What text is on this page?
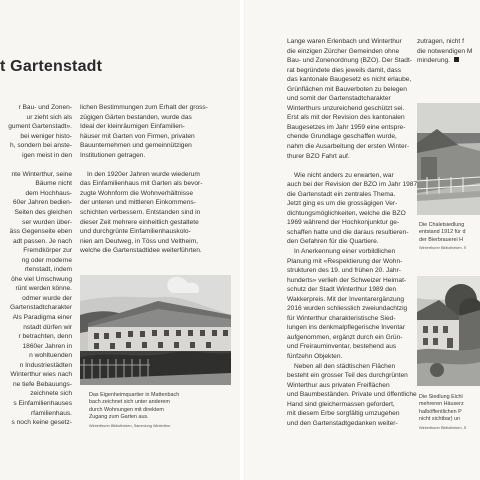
t Gartenstadt

r Bau- und Zonen-
ur zieht sich als
gument Gartenstadt».
bei weniger histo-
h, sondern bei anste-
igen meist in den

nte Winterthur, seine
Bäume nicht
dem Hochhaus-
60er Jahren bedien-
Seiten des gleichen
ser wurden über-
äss Gegenseite eben
adt passen. Je nach
Fremdkörper zur
ng oder moderne
rtenstadt, indem
öhe viel Umschwung
rünt werden könne.
odmer wurde der
Gartenstadtcharakter
Als Paradigma einer
nstadt dürfen wir
r betrachten, denn
1860er Jahren in
n wohltuenden
n Industriestädten
Winterthur wies nach
ne tiefe Bebauungs-
zeichnete sich
s Einfamilienhauses
rfamilienhaus.
s noch keine gesetz-

lichen Bestimmungen zum Erhalt der gross-
zügigen Gärten bestanden, wurde das
Ideal der kleinräumigen Einfamilien-
häuser mit Garten von Firmen, privaten
Bauunternehmen und gemeinnützigen
Institutionen getragen.

In den 1920er Jahren wurde wiederum
das Einfamilienhaus mit Garten als bevor-
zugte Wohnform die Wohnverhältnisse
der unteren und mittleren Einkommens-
schichten verbessern. Entstanden sind in
dieser Zeit mehrere einheitlich gestaltete
und durchgrünte Einfamilienhauskolo-
nien am Deutweg, in Töss und Veltheim,
welche die Gartenstadtidee weiterführten.

Das Eigenheimquartier in Mattenbach
bach zeichnet sich unter anderem
durch Wohnungen mit direktem
Zugang zum Garten aus.
Winterthurer Bibliotheken, Sammlung Winterthur

Lange waren Erlenbach und Winterthur
die einzigen Zürcher Gemeinden ohne
Bau- und Zonenordnung (BZO). Der Stadt-
rat begründete dies jeweils damit, dass
das kantonale Baugesetz es nicht erlaube,
Grünflächen mit Bauverboten zu belegen
und somit der Gartenstadtcharakter
Winterthurs unzureichend geschützt sei.
Erst als mit der Revision des kantonalen
Baugesetzes im Jahr 1959 eine entspre-
chende Grundlage geschaffen wurde,
nahm die Ausarbeitung der ersten Winter-
thurer BZO Fahrt auf.

Wie nicht anders zu erwarten, war
auch bei der Revision der BZO im Jahr 1987
die Gartenstadt ein zentrales Thema.
Jetzt ging es um die grossägigen Ver-
dichtungsmöglichkeiten, welche die BZO
1969 während der Hochkonjunktur ge-
schaffen hatte und die daraus resultieren-
den Gefahren für die Quartiere.

In Anerkennung einer vorbildlichen
Planung mit «Respektierung der Wohn-
strukturen des 19. und frühen 20. Jahr-
hunderts» verlieh der Schweizer Heimat-
schutz der Stadt Winterthur 1989 den
Wakkerpreis. Mit der Inventarergänzung
2016 wurden schliesslich zweiundachtzig
für Winterthur charakteristische Sied-
lungen ins denkmalpflegerische Inventar
aufgenommen, ergänzt durch ein Grün-
und Freirauminventar, bestehend aus
fünfzehn Objekten.

Neben all den städtischen Flächen
besteht ein grosser Teil des durchgrünten
Winterthur aus privaten Freiflächen
und Baumbeständen. Private und öffentliche
Hand sind gleichermassen gefordert,
mit diesem Erbe sorgfältig umzugehen
und den Gartenstadtgedanken weiter-

zutragen, nicht f
die notwendigen M
minderung.

Die Chaletsiedlung
entstand 1912 für d
der Bierbrauerei H
Winterthurer Bibliotheken, S
Die Siedlung Eichl
mehreren Häuserz
halböffentlichen P
nicht sichtbar) un
Winterthurer Bibliotheken, S
